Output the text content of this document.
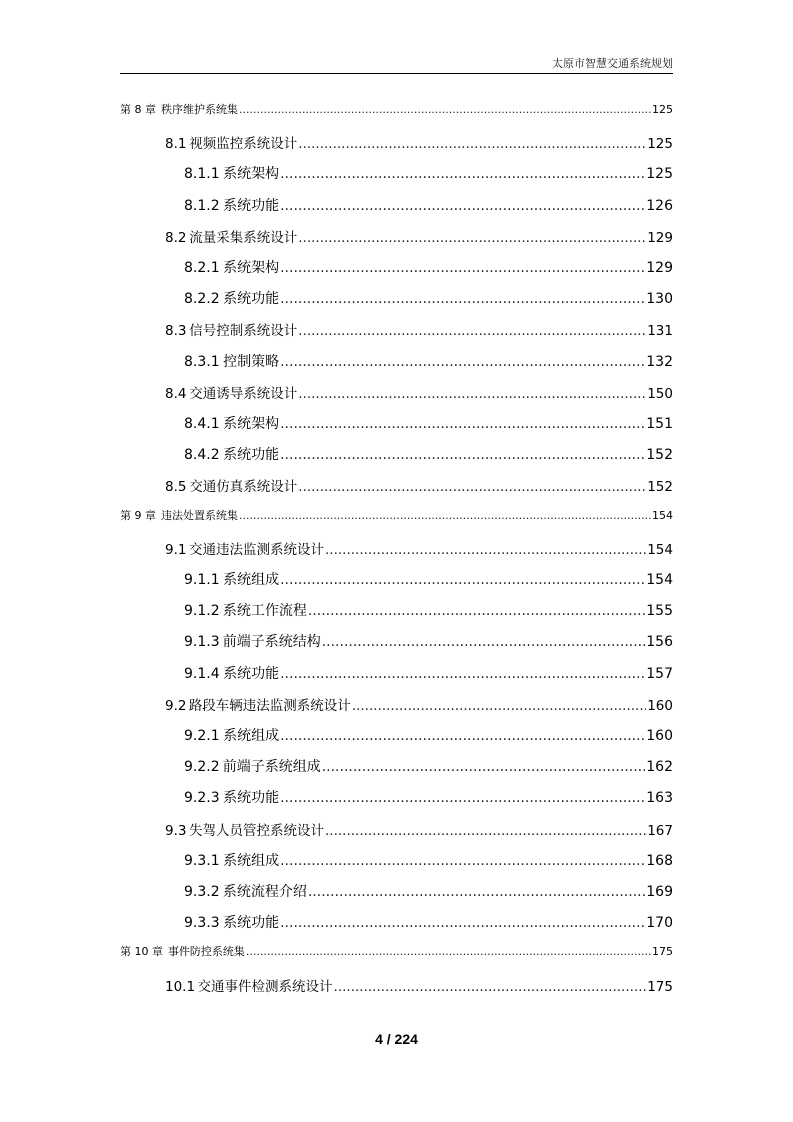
太原市智慧交通系统规划
第 8 章 秩序维护系统集 .....	125
8.1 视频监控系统设计 .....	125
8.1.1 系统架构 .....	125
8.1.2 系统功能 .....	126
8.2 流量采集系统设计 .....	129
8.2.1 系统架构 .....	129
8.2.2 系统功能 .....	130
8.3 信号控制系统设计 .....	131
8.3.1 控制策略 .....	132
8.4 交通诱导系统设计 .....	150
8.4.1 系统架构 .....	151
8.4.2 系统功能 .....	152
8.5 交通仿真系统设计 .....	152
第 9 章 违法处置系统集 .....	154
9.1 交通违法监测系统设计 .....	154
9.1.1 系统组成 .....	154
9.1.2 系统工作流程 .....	155
9.1.3 前端子系统结构 .....	156
9.1.4 系统功能 .....	157
9.2 路段车辆违法监测系统设计 .....	160
9.2.1 系统组成 .....	160
9.2.2 前端子系统组成 .....	162
9.2.3 系统功能 .....	163
9.3 失驾人员管控系统设计 .....	167
9.3.1 系统组成 .....	168
9.3.2 系统流程介绍 .....	169
9.3.3 系统功能 .....	170
第 10 章 事件防控系统集 .....	175
10.1 交通事件检测系统设计 .....	175
4 / 224
